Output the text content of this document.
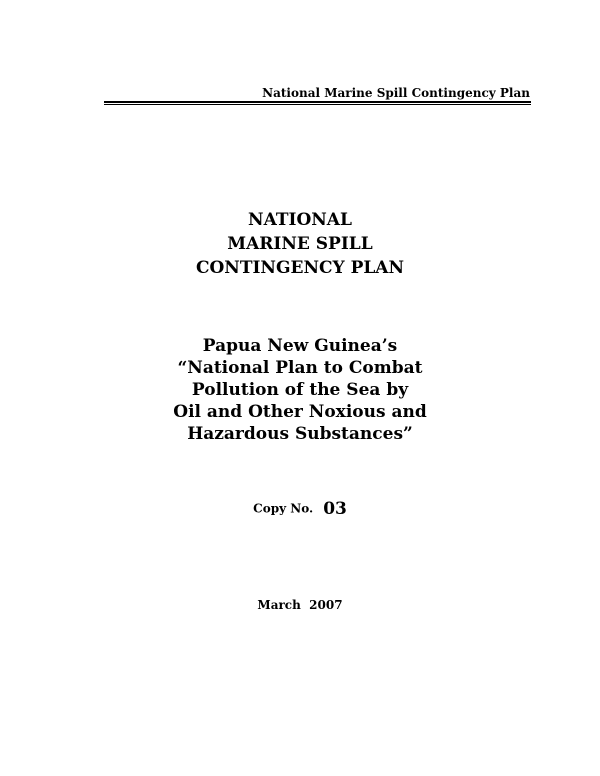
National Marine Spill Contingency Plan
NATIONAL
MARINE SPILL
CONTINGENCY PLAN
Papua New Guinea’s
“National Plan to Combat
Pollution of the Sea by
Oil and Other Noxious and
Hazardous Substances”
Copy No. 03
March  2007
